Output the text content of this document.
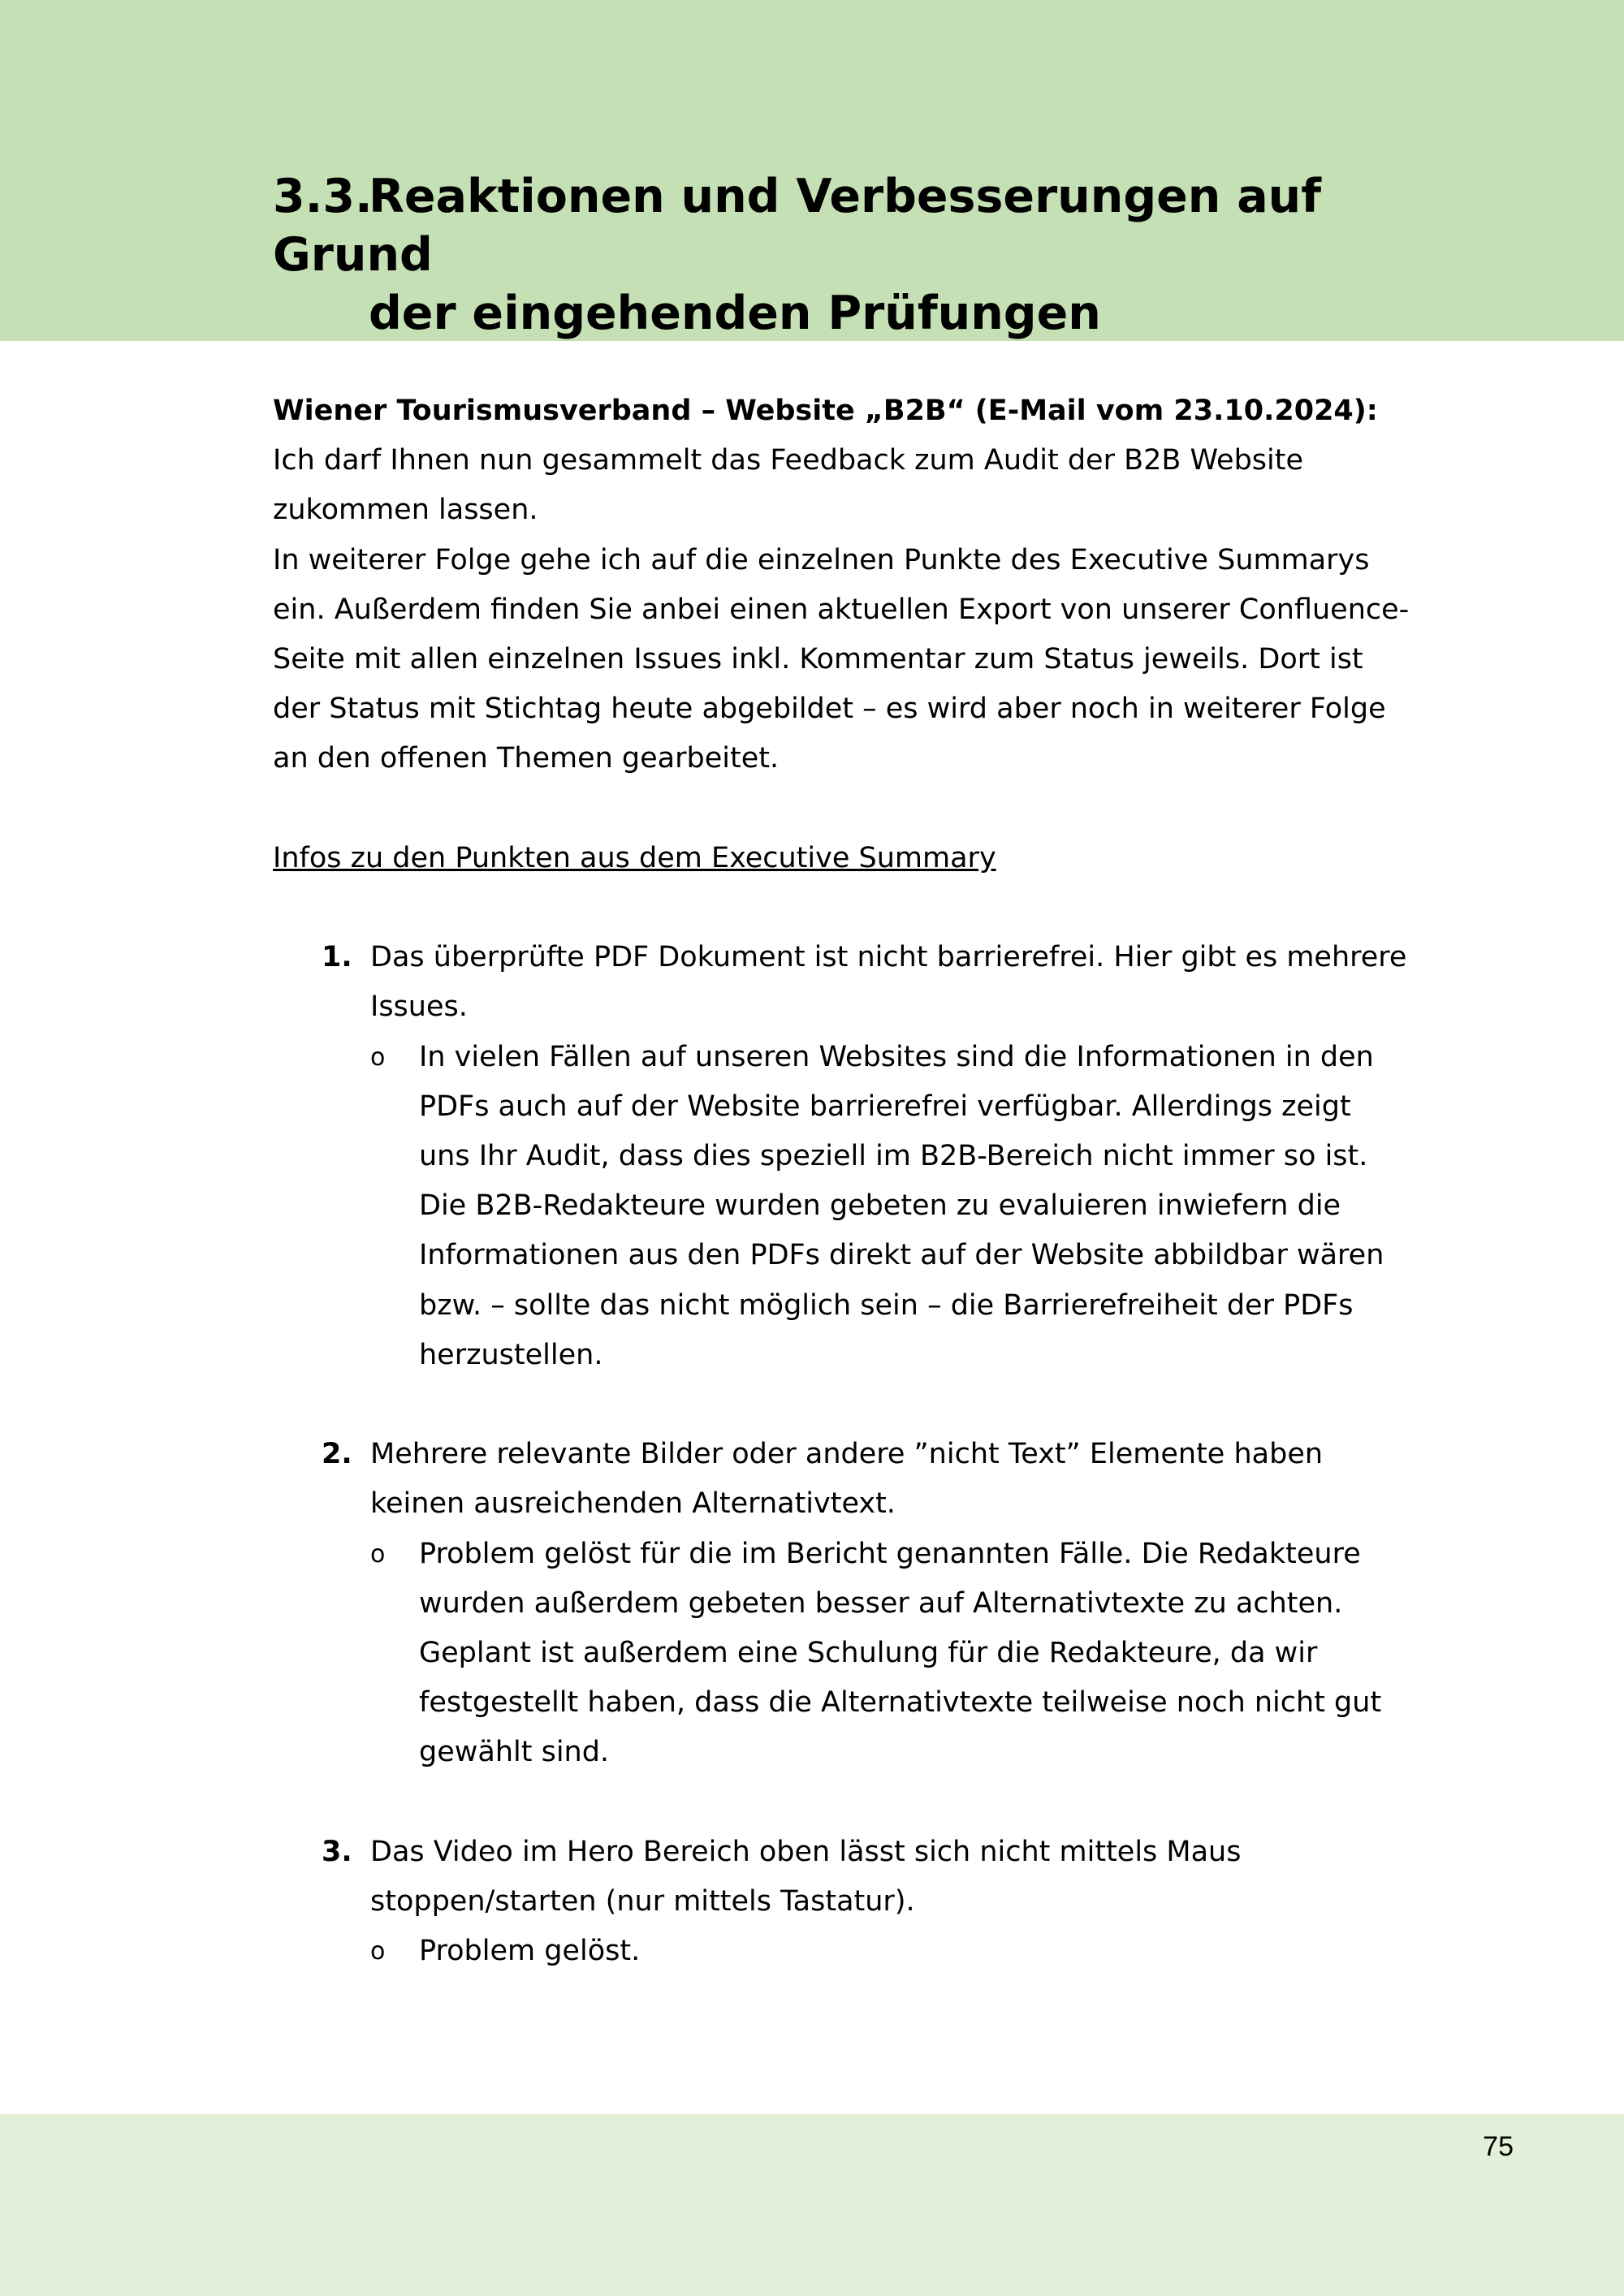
3.3.Reaktionen und Verbesserungen auf Grund
der eingehenden Prüfungen
Wiener Tourismusverband – Website „B2B“ (E-Mail vom 23.10.2024):
Ich darf Ihnen nun gesammelt das Feedback zum Audit der B2B Website zukommen lassen.
In weiterer Folge gehe ich auf die einzelnen Punkte des Executive Summarys ein. Außerdem finden Sie anbei einen aktuellen Export von unserer Confluence-Seite mit allen einzelnen Issues inkl. Kommentar zum Status jeweils. Dort ist der Status mit Stichtag heute abgebildet – es wird aber noch in weiterer Folge an den offenen Themen gearbeitet.
Infos zu den Punkten aus dem Executive Summary
1. Das überprüfte PDF Dokument ist nicht barrierefrei. Hier gibt es mehrere Issues.
o In vielen Fällen auf unseren Websites sind die Informationen in den PDFs auch auf der Website barrierefrei verfügbar. Allerdings zeigt uns Ihr Audit, dass dies speziell im B2B-Bereich nicht immer so ist. Die B2B-Redakteure wurden gebeten zu evaluieren inwiefern die Informationen aus den PDFs direkt auf der Website abbildbar wären bzw. – sollte das nicht möglich sein – die Barrierefreiheit der PDFs herzustellen.
2. Mehrere relevante Bilder oder andere ”nicht Text” Elemente haben keinen ausreichenden Alternativtext.
o Problem gelöst für die im Bericht genannten Fälle. Die Redakteure wurden außerdem gebeten besser auf Alternativtexte zu achten. Geplant ist außerdem eine Schulung für die Redakteure, da wir festgestellt haben, dass die Alternativtexte teilweise noch nicht gut gewählt sind.
3. Das Video im Hero Bereich oben lässt sich nicht mittels Maus stoppen/starten (nur mittels Tastatur).
o Problem gelöst.
75
